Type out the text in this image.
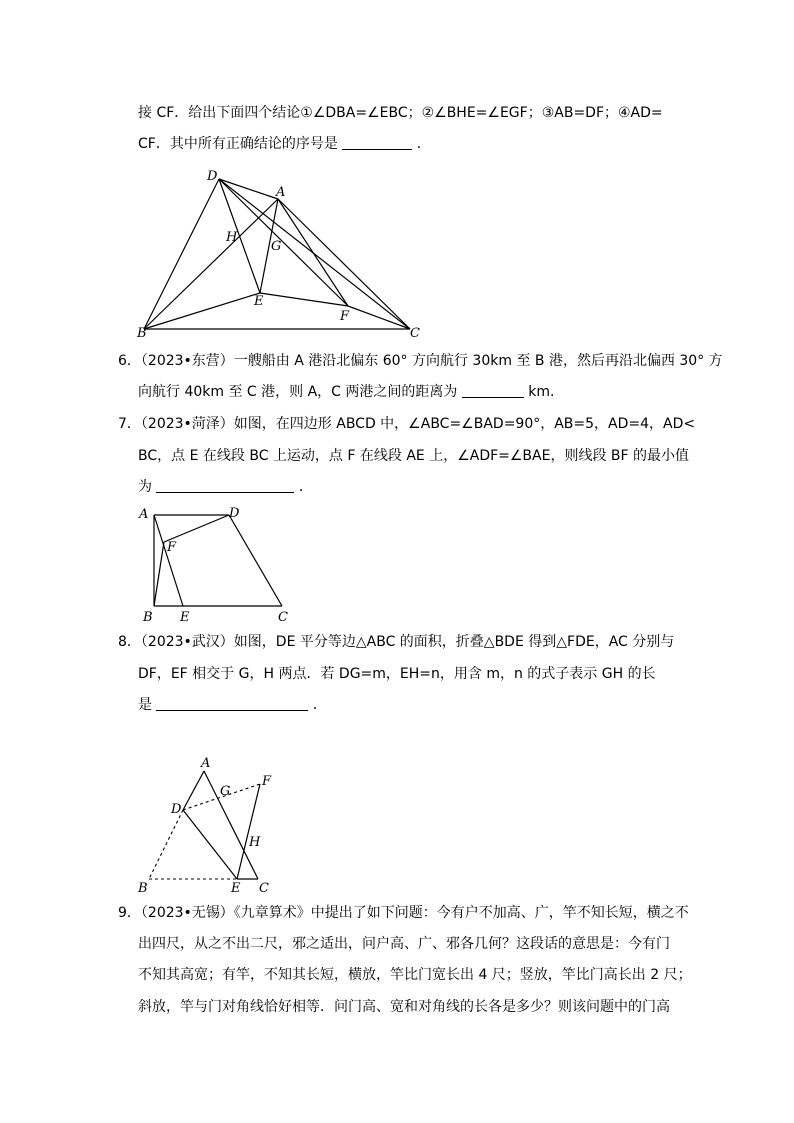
接 CF．给出下面四个结论①∠DBA=∠EBC；②∠BHE=∠EGF；③AB=DF；④AD=
CF．其中所有正确结论的序号是	．
D
A
H
G
E
F
B	C
A	D
F
B E	C
A
F
G
D
H
B	E C
6．（2023•东营）一艘船由 A 港沿北偏东 60° 方向航行 30km 至 B 港，然后再沿北偏西 30° 方
向航行 40km 至 C 港，则 A，C 两港之间的距离为	km.
7．（2023•菏泽）如图，在四边形 ABCD 中，∠ABC=∠BAD=90°，AB=5，AD=4，AD<
BC，点 E 在线段 BC 上运动，点 F 在线段 AE 上，∠ADF=∠BAE，则线段 BF 的最小值
为	．
8．（2023•武汉）如图，DE 平分等边△ABC 的面积，折叠△BDE 得到△FDE，AC 分别与
DF，EF 相交于 G，H 两点．若 DG=m，EH=n，用含 m，n 的式子表示 GH 的长
是	．
9．（2023•无锡）《九章算术》中提出了如下问题：今有户不加高、广，竿不知长短，横之不
出四尺，从之不出二尺，邪之适出，问户高、广、邪各几何？这段话的意思是：今有门
不知其高宽；有竿，不知其长短，横放，竿比门宽长出 4 尺；竖放，竿比门高长出 2 尺；
斜放，竿与门对角线恰好相等．问门高、宽和对角线的长各是多少？则该问题中的门高
